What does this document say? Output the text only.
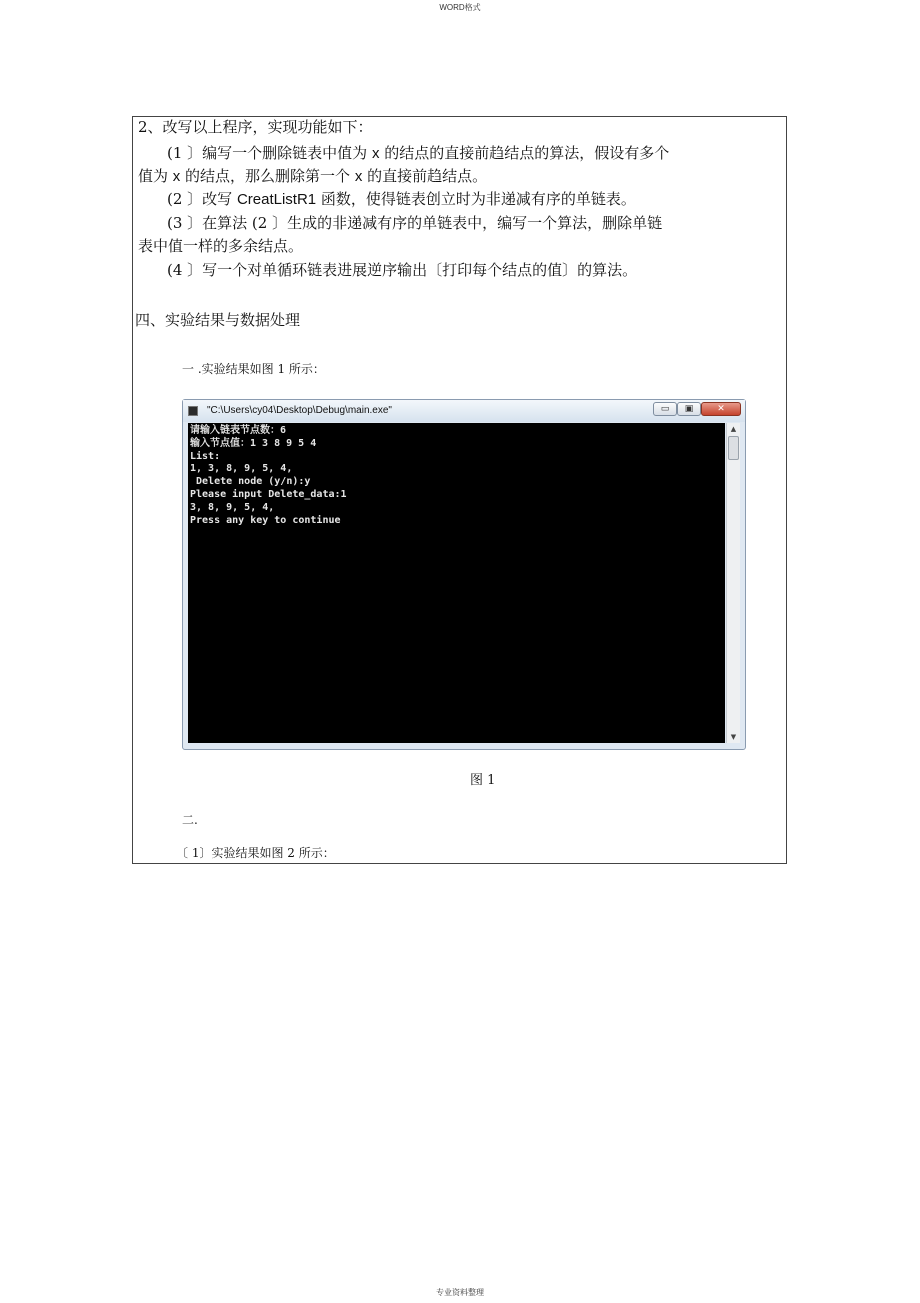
WORD格式
2、改写以上程序，实现功能如下：
(1 〕编写一个删除链表中值为 x 的结点的直接前趋结点的算法，假设有多个
值为 x 的结点，那么删除第一个 x 的直接前趋结点。
(2 〕改写 CreatListR1 函数，使得链表创立时为非递减有序的单链表。
(3 〕在算法 (2 〕生成的非递减有序的单链表中，编写一个算法，删除单链
表中值一样的多余结点。
(4 〕写一个对单循环链表进展逆序输出〔打印每个结点的值〕的算法。
四、实验结果与数据处理
一 .实验结果如图 1 所示：
"C:\Users\cy04\Desktop\Debug\main.exe"	▭	▣	✕
请输入链表节点数：6
输入节点值：1 3 8 9 5 4
List:
1, 3, 8, 9, 5, 4,
Delete node (y/n):y
Please input Delete_data:1
3, 8, 9, 5, 4,
Press any key to continue
▲
▼
图 1
二.
〔 1〕实验结果如图 2 所示：
专业资料整理
